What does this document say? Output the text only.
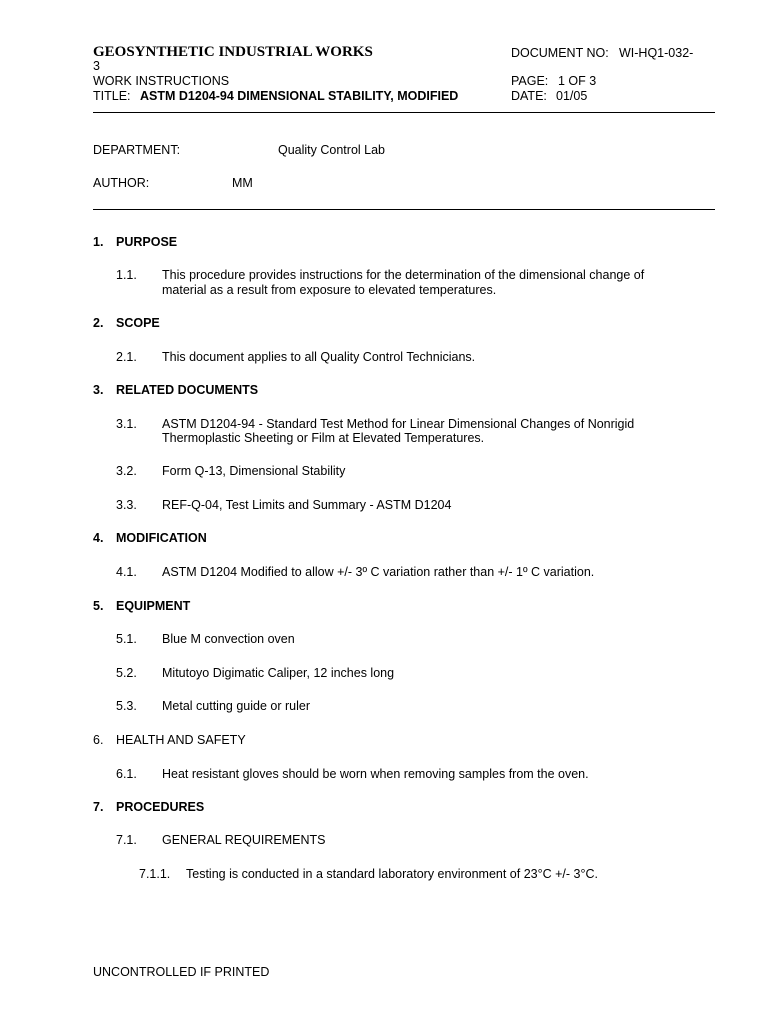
GEOSYNTHETIC INDUSTRIAL WORKS	DOCUMENT NO: WI-HQ1-032-
3
WORK INSTRUCTIONS	PAGE: 1 OF 3
TITLE: ASTM D1204-94 DIMENSIONAL STABILITY, MODIFIED	DATE: 01/05
DEPARTMENT:	Quality Control Lab
AUTHOR:	MM
1. PURPOSE
1.1. This procedure provides instructions for the determination of the dimensional change of
material as a result from exposure to elevated temperatures.
2. SCOPE
2.1. This document applies to all Quality Control Technicians.
3. RELATED DOCUMENTS
3.1. ASTM D1204-94 - Standard Test Method for Linear Dimensional Changes of Nonrigid
Thermoplastic Sheeting or Film at Elevated Temperatures.
3.2. Form Q-13, Dimensional Stability
3.3. REF-Q-04, Test Limits and Summary - ASTM D1204
4. MODIFICATION
4.1. ASTM D1204 Modified to allow +/- 3º C variation rather than +/- 1º C variation.
5. EQUIPMENT
5.1. Blue M convection oven
5.2. Mitutoyo Digimatic Caliper, 12 inches long
5.3. Metal cutting guide or ruler
6. HEALTH AND SAFETY
6.1. Heat resistant gloves should be worn when removing samples from the oven.
7. PROCEDURES
7.1. GENERAL REQUIREMENTS
7.1.1. Testing is conducted in a standard laboratory environment of 23°C +/- 3°C.
UNCONTROLLED IF PRINTED
